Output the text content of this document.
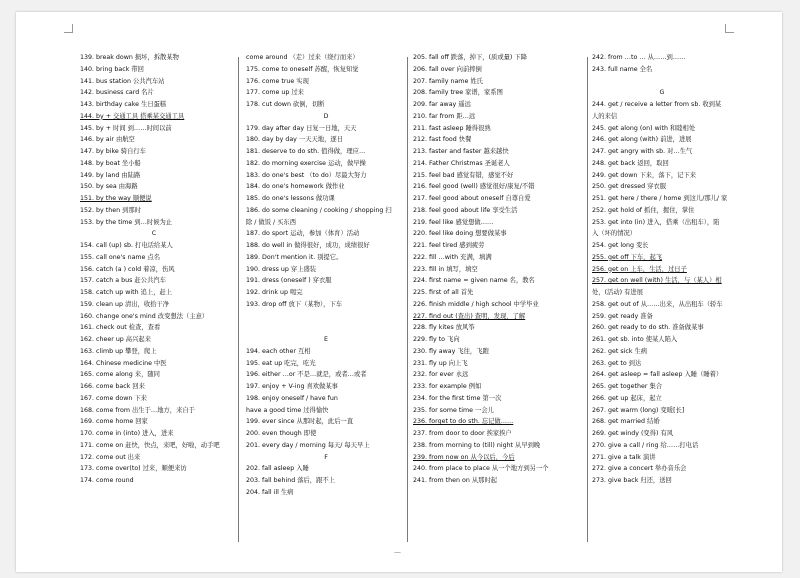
139. break down 损坏，拆散某物
140. bring back 带回
141. bus station 公共汽车站
142. business card 名片
143. birthday cake 生日蛋糕
144. by + 交通工具 搭乘某交通工具
145. by + 时间 到……时间以前
146. by air 由航空
147. by bike 骑自行车
148. by boat 坐小船
149. by land 由陆路
150. by sea 由海路
151. by the way 顺便说
152. by then 到那时
153. by the time 到…时候为止
C
154. call (up) sb. 打电话给某人
155. call one's name 点名
156. catch (a ) cold 着凉，伤风
157. catch a bus 赶公共汽车
158. catch up with 追上，赶上
159. clean up 清出，收拾干净
160. change one's mind 改变想法（主意）
161. check out 检查，查看
162. cheer up 高兴起来
163. climb up 攀登，爬上
164. Chinese medicine 中医
165. come along 来，随同
166. come back 回来
167. come down 下来
168. come from 出生于…地方，来自于
169. come home 回家
170. come in (into) 进入，进来
171. come on 赶快，快点，来吧，好啦，动手吧
172. come out 出来
173. come over(to) 过来，顺便来访
174. come round
come around （走）过来（绕行而来）
175. come to oneself 苏醒，恢复知觉
176. come true 实现
177. come up 过来
178. cut down 砍倒，切断
D
179. day after day 日复一日地，天天
180. day by day 一天天地，逐日
181. deserve to do sth. 值得做，理应…
182. do morning exercise 运动，做早操
183. do one's best （to do）尽最大努力
184. do one's homework 做作业
185. do one's lessons 做功课
186. do some cleaning / cooking / shopping 扫
除 / 做饭 / 买东西
187. do sport 运动，参加（体育）活动
188. do well in 做得很好，成功，成绩很好
189. Don't mention it. 别提它。
190. dress up 穿上盛装
191. dress (oneself ) 穿衣服
192. drink up 喝完
193. drop off 放下（某物），下车
E
194. each other 互相
195. eat up 吃完，吃光
196. either …or 不是…就是，或者…或者
197. enjoy + V-ing 喜欢做某事
198. enjoy oneself / have fun
have a good time 过得愉快
199. ever since 从那时起，此后一直
200. even though 即使
201. every day / morning 每天/ 每天早上
F
202. fall asleep 入睡
203. fall behind 落后，跟不上
204. fall ill 生病
205. fall off 跌落，掉下，(质或量) 下降
206. fall over 向前摔倒
207. family name 姓氏
208. family tree 家谱，家系图
209. far away 遥远
210. far from 距…远
211. fast asleep 睡得很熟
212. fast food 快餐
213. faster and faster 越来越快
214. Father Christmas 圣诞老人
215. feel bad 感觉有错，感觉不好
216. feel good (well) 感觉很好/康复/不错
217. feel good about oneself 自尊自爱
218. feel good about life 享受生活
219. feel like 感觉想做……
220. feel like doing 想要做某事
221. feel tired 感到疲劳
222. fill …with 充满，填满
223. fill in 填写，填空
224. first name = given name 名，教名
225. first of all 首先
226. finish middle / high school 中学毕业
227. find out (查出) 查明，发现，了解
228. fly kites 放风筝
229. fly to 飞向
230. fly away 飞往，飞跑
231. fly up 向上飞
232. for ever 永远
233. for example 例如
234. for the first time 第一次
235. for some time 一会儿
236. forget to do sth. 忘记做……
237. from door to door 挨家挨户
238. from morning to (till) night 从早到晚
239. from now on 从今以后，今后
240. from place to place 从一个地方到另一个
241. from then on 从那时起
242. from …to … 从……到……
243. full name 全名
G
244. get / receive a letter from sb. 收到某
人的来信
245. get along (on) with 和睦相处
246. get along (with) 前进，进展
247. get angry with sb. 对…生气
248. get back 返回，取回
249. get down 下来，落下，记下来
250. get dressed 穿衣服
251. get here / there / home 到这儿/那儿/ 家
252. get hold of 抓住，握住，掌住
253. get into (in) 进入，搭乘（出租车），陷
入（坏的情况）
254. get long 变长
255. get off 下车，起飞
256. get on 上车，生活，过日子
257. get on well (with) 生活，与（某人）相
处，(活动) 有进展
258. get out of 从……出来，从出租车（轿车
259. get ready 准备
260. get ready to do sth. 准备做某事
261. get sb. into 使某人陷入
262. get sick 生病
263. get to 到达
264. get asleep = fall asleep 入睡（睡着）
265. get together 集合
266. get up 起床，起立
267. get warm (long) 变暖[长]
268. get married 结婚
269. get windy (变得) 有风
270. give a call / ring 给……打电话
271. give a talk 演讲
272. give a concert 举办音乐会
273. give back 归还，送回
—
